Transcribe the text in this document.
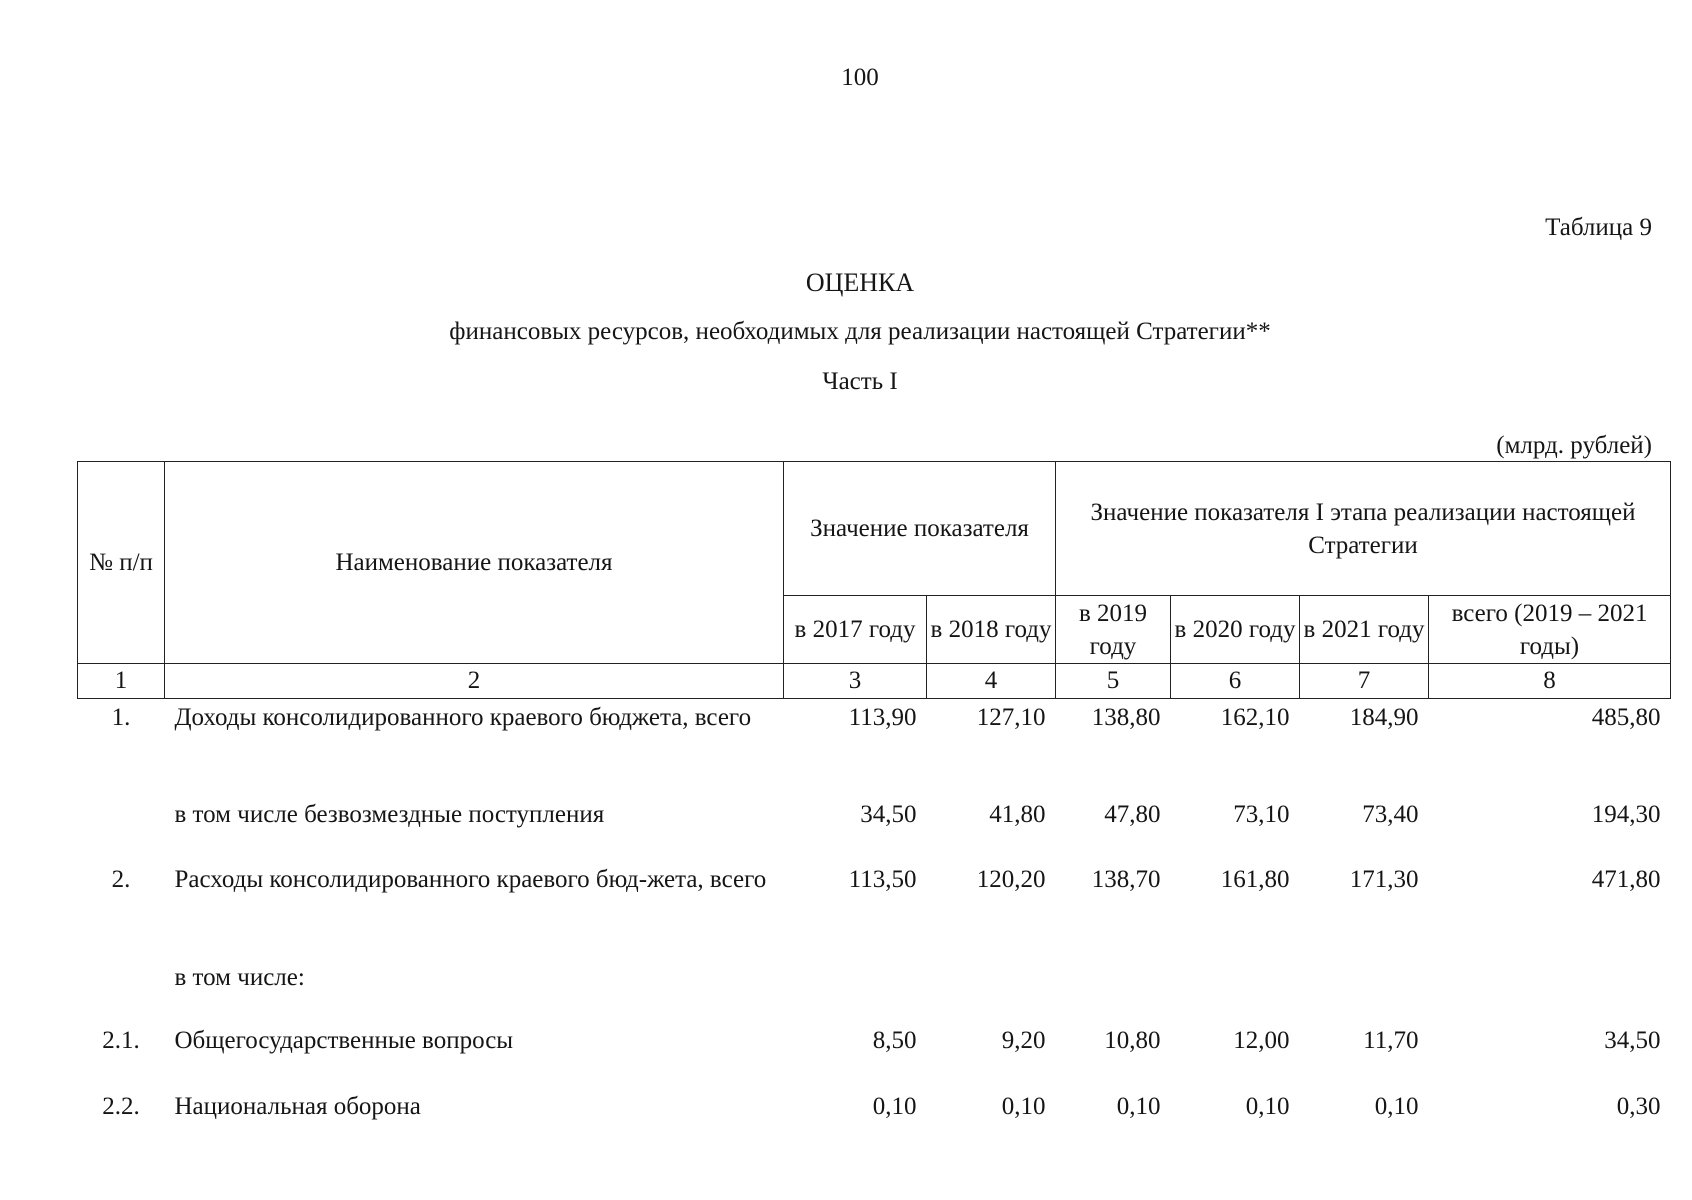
100
Таблица 9
ОЦЕНКА
финансовых ресурсов, необходимых для реализации настоящей Стратегии**
Часть I
(млрд. рублей)
№ п/п	Наименование показателя	Значение показателя		Значение показателя I этапа реализации настоящей Стратегии			
		в 2017 году	в 2018 году	в 2019 году	в 2020 году	в 2021 году	всего (2019 – 2021 годы)
1	2	3	4	5	6	7	8
1.	Доходы консолидированного краевого бюджета, всего	113,90	127,10	138,80	162,10	184,90	485,80
	в том числе безвозмездные поступления	34,50	41,80	47,80	73,10	73,40	194,30
2.	Расходы консолидированного краевого бюд-жета, всего	113,50	120,20	138,70	161,80	171,30	471,80
	в том числе:						
2.1.	Общегосударственные вопросы	8,50	9,20	10,80	12,00	11,70	34,50
2.2.	Национальная оборона	0,10	0,10	0,10	0,10	0,10	0,30
